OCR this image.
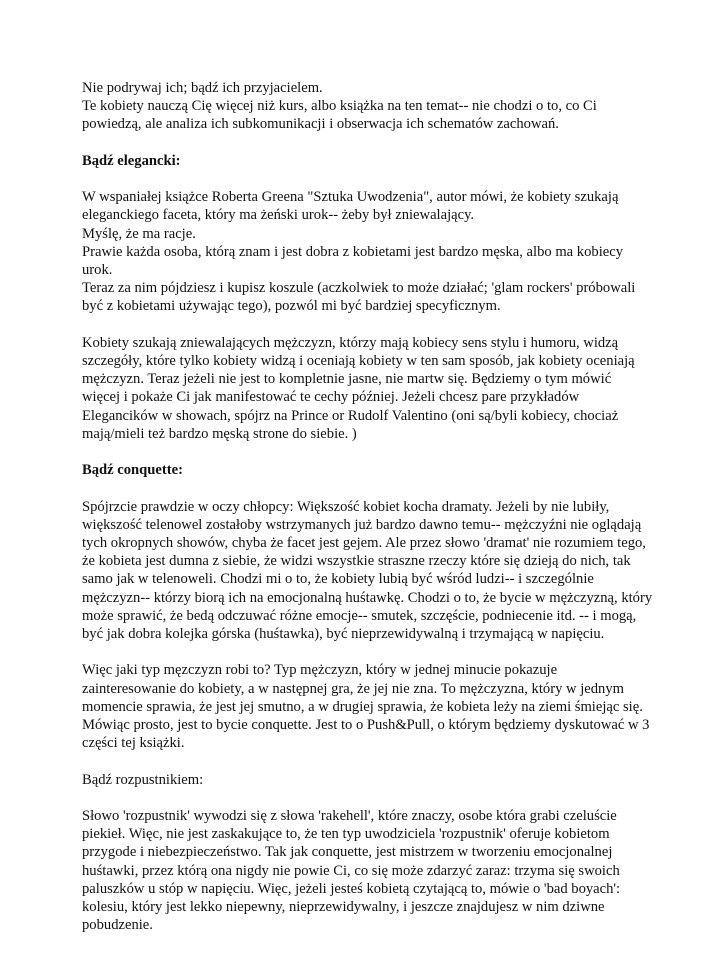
Nie podrywaj ich; bądź ich przyjacielem.
Te kobiety nauczą Cię więcej niż kurs, albo książka na ten temat-- nie chodzi o to, co Ci
powiedzą, ale analiza ich subkomunikacji i obserwacja ich schematów zachowań.

Bądź elegancki:

W wspaniałej książce Roberta Greena "Sztuka Uwodzenia", autor mówi, że kobiety szukają
eleganckiego faceta, który ma żeński urok-- żeby był zniewalający.
Myślę, że ma racje.
Prawie każda osoba, którą znam i jest dobra z kobietami jest bardzo męska, albo ma kobiecy
urok.
Teraz za nim pójdziesz i kupisz koszule (aczkolwiek to może działać; 'glam rockers' próbowali
być z kobietami używając tego), pozwól mi być bardziej specyficznym.

Kobiety szukają zniewalających mężczyzn, którzy mają kobiecy sens stylu i humoru, widzą
szczegóły, które tylko kobiety widzą i oceniają kobiety w ten sam sposób, jak kobiety oceniają
mężczyzn. Teraz jeżeli nie jest to kompletnie jasne, nie martw się. Będziemy o tym mówić
więcej i pokaże Ci jak manifestować te cechy później. Jeżeli chcesz pare przykładów
Elegancików w showach, spójrz na Prince or Rudolf Valentino (oni są/byli kobiecy, chociaż
mają/mieli też bardzo męską strone do siebie. )

Bądź conquette:

Spójrzcie prawdzie w oczy chłopcy: Większość kobiet kocha dramaty. Jeżeli by nie lubiły,
większość telenowel zostałoby wstrzymanych już bardzo dawno temu-- mężczyźni nie oglądają
tych okropnych showów, chyba że facet jest gejem. Ale przez słowo 'dramat' nie rozumiem tego,
że kobieta jest dumna z siebie, że widzi wszystkie straszne rzeczy które się dzieją do nich, tak
samo jak w telenoweli. Chodzi mi o to, że kobiety lubią być wśród ludzi-- i szczególnie
mężczyzn-- którzy biorą ich na emocjonalną huśtawkę. Chodzi o to, że bycie w mężczyzną, który
może sprawić, że bedą odczuwać różne emocje-- smutek, szczęście, podniecenie itd. -- i mogą,
być jak dobra kolejka górska (huśtawka), być nieprzewidywalną i trzymającą w napięciu.

Więc jaki typ męzczyzn robi to? Typ mężczyzn, który w jednej minucie pokazuje
zainteresowanie do kobiety, a w następnej gra, że jej nie zna. To mężczyzna, który w jednym
momencie sprawia, że jest jej smutno, a w drugiej sprawia, że kobieta leży na ziemi śmiejąc się.
Mówiąc prosto, jest to bycie conquette. Jest to o Push&Pull, o którym będziemy dyskutować w 3
części tej książki.

Bądź rozpustnikiem:

Słowo 'rozpustnik' wywodzi się z słowa 'rakehell', które znaczy, osobe która grabi czeluście
piekieł. Więc, nie jest zaskakujące to, że ten typ uwodziciela 'rozpustnik' oferuje kobietom
przygode i niebezpieczeństwo. Tak jak conquette, jest mistrzem w tworzeniu emocjonalnej
huśtawki, przez którą ona nigdy nie powie Ci, co się może zdarzyć zaraz: trzyma się swoich
paluszków u stóp w napięciu. Więc, jeżeli jesteś kobietą czytającą to, mówie o 'bad boyach':
kolesiu, który jest lekko niepewny, nieprzewidywalny, i jeszcze znajdujesz w nim dziwne
pobudzenie.
